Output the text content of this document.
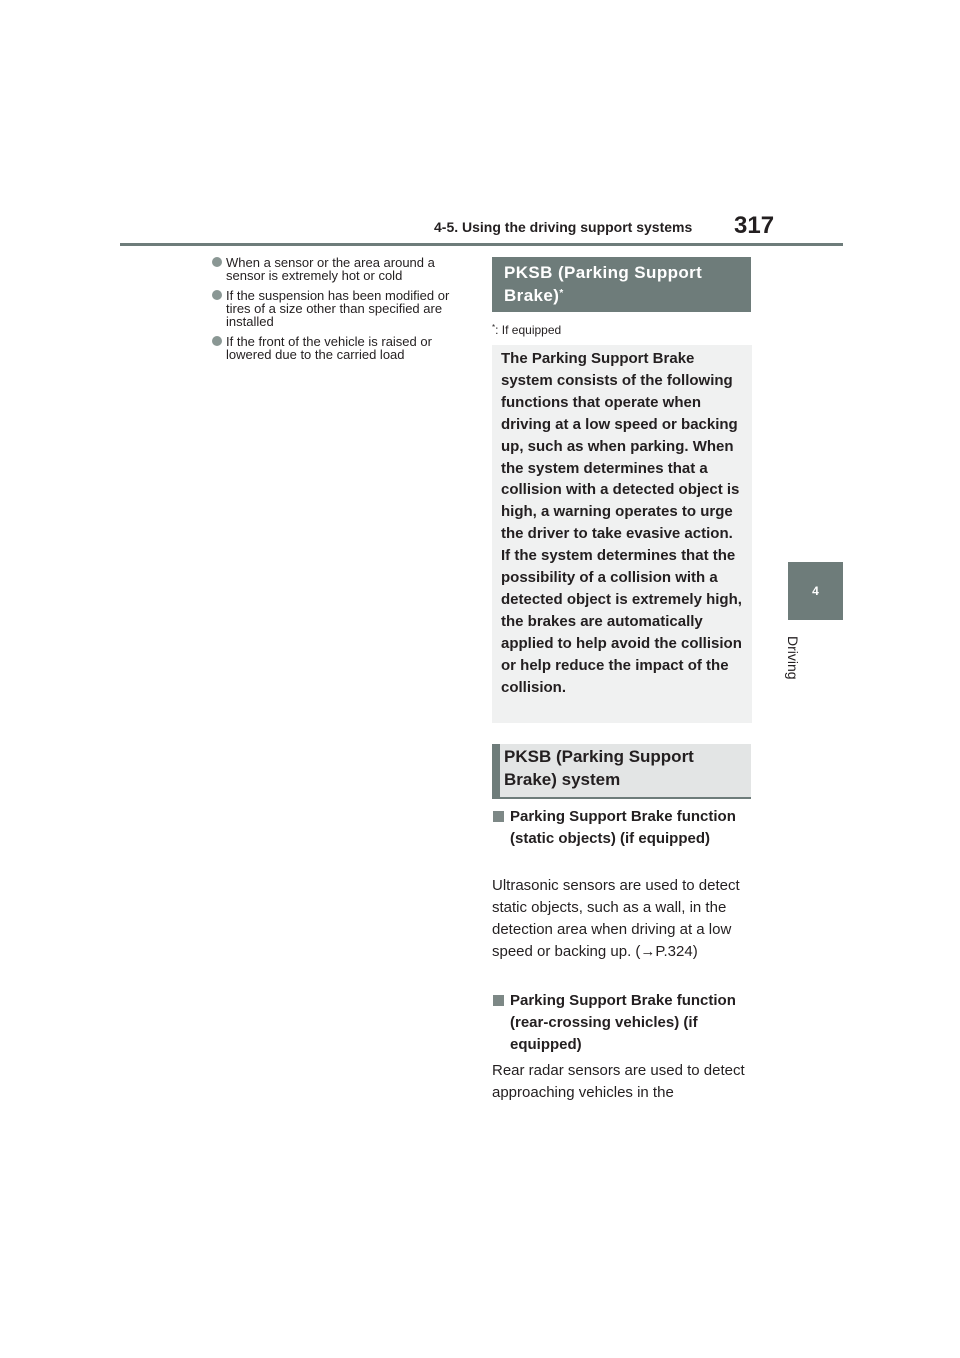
4-5. Using the driving support systems 317
4
Driving
When a sensor or the area around a sensor is extremely hot or cold
If the suspension has been modified or tires of a size other than specified are installed
If the front of the vehicle is raised or lowered due to the carried load
PKSB (Parking Support Brake)*
*: If equipped
The Parking Support Brake system consists of the following functions that operate when driving at a low speed or backing up, such as when parking. When the system determines that a collision with a detected object is high, a warning operates to urge the driver to take evasive action. If the system determines that the possibility of a collision with a detected object is extremely high, the brakes are automatically applied to help avoid the collision or help reduce the impact of the collision.
PKSB (Parking Support Brake) system
Parking Support Brake function (static objects) (if equipped)
Ultrasonic sensors are used to detect static objects, such as a wall, in the detection area when driving at a low speed or backing up. (→P.324)
Parking Support Brake function (rear-crossing vehicles) (if equipped)
Rear radar sensors are used to detect approaching vehicles in the
